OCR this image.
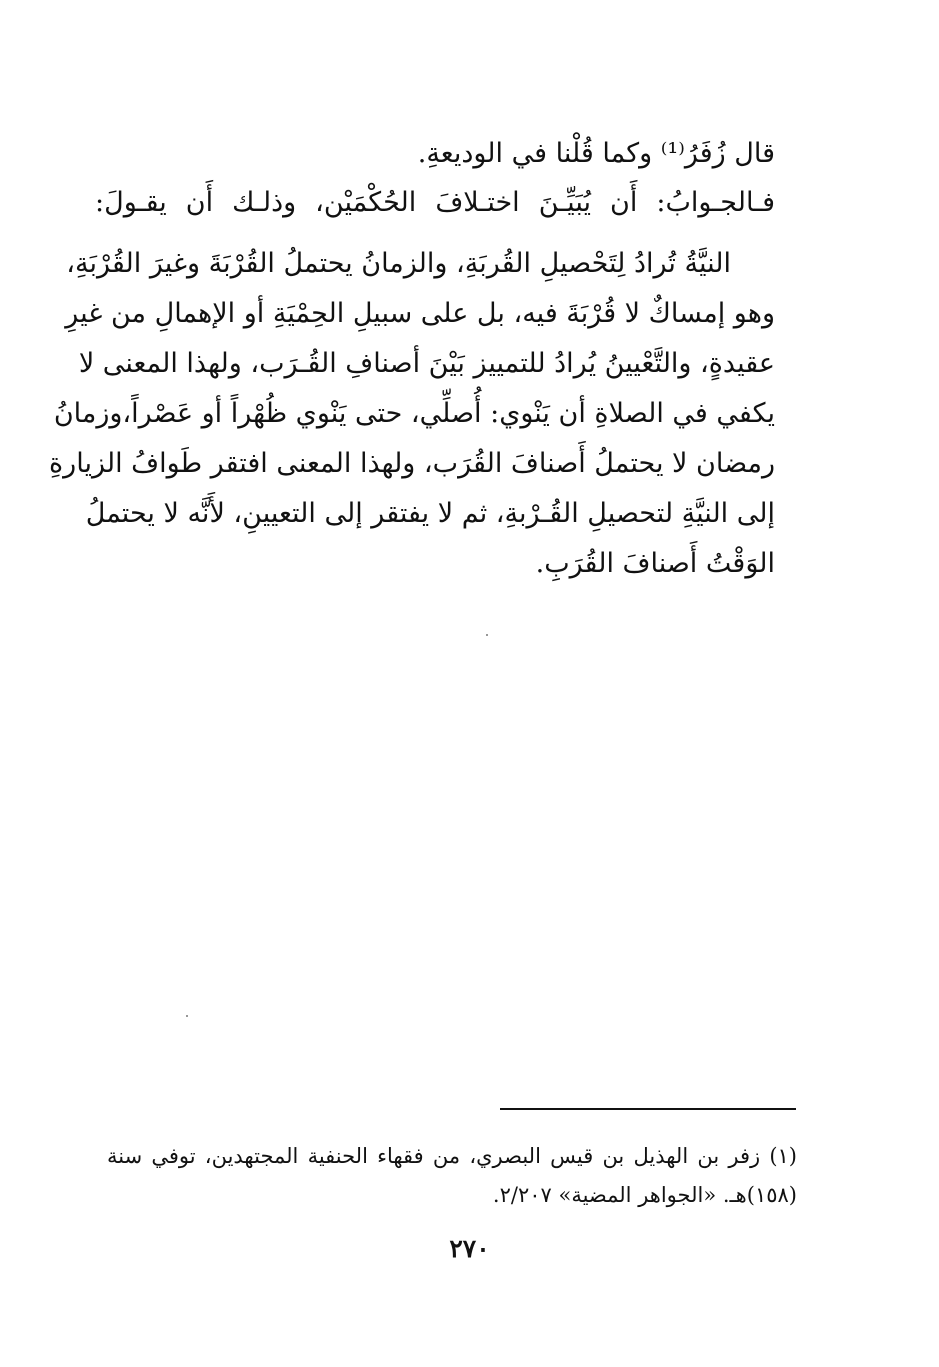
قال زُفَرُ⁽¹⁾ وكما قُلْنا في الوديعةِ.
فـالجـوابُ: أَن يُبَيِّـنَ اختـلافَ الحُكْمَيْن، وذلـك أَن يقـولَ:
النيَّةُ تُرادُ لِتَحْصيلِ القُربَةِ، والزمانُ يحتملُ القُرْبَةَ وغيرَ القُرْبَةِ،
وهو إمساكٌ لا قُرْبَةَ فيه، بل على سبيلِ الحِمْيَةِ أو الإهمالِ من غيرِ
عقيدةٍ، والتَّعْيينُ يُرادُ للتمييز بَيْنَ أصنافِ القُـرَب، ولهذا المعنى لا
يكفي في الصلاةِ أن يَنْوي: أُصلِّي، حتى يَنْوي ظُهْراً أو عَصْراً،وزمانُ
رمضان لا يحتملُ أَصنافَ القُرَب، ولهذا المعنى افتقر طَوافُ الزيارةِ
إلى النيَّةِ لتحصيلِ القُـرْبةِ، ثم لا يفتقر إلى التعيينِ، لأَنَّه لا يحتملُ
الوَقْتُ أَصنافَ القُرَبِ.
(١) زفر بن الهذيل بن قيس البصري، من فقهاء الحنفية المجتهدين، توفي سنة
(١٥٨)هـ. «الجواهر المضية» ٢/٢٠٧.
٢٧٠
